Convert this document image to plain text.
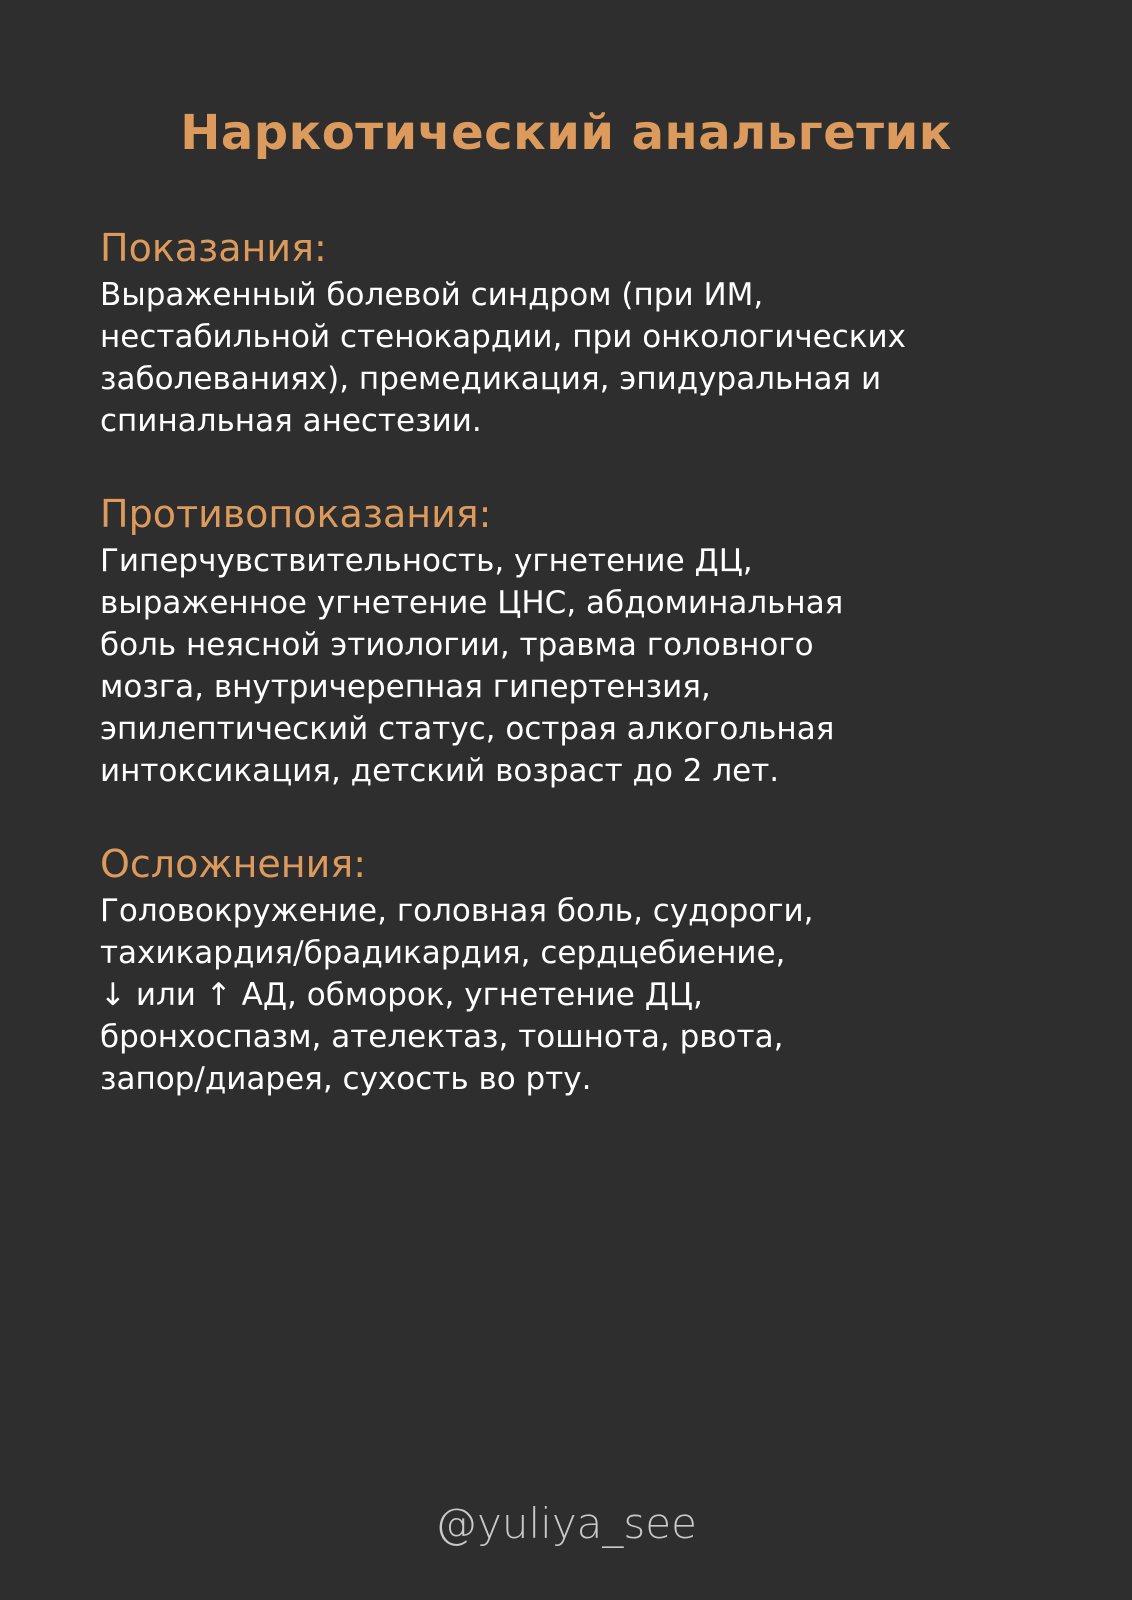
Наркотический анальгетик
Показания:

Выраженный болевой синдром (при ИМ,
нестабильной стенокардии, при онкологических
заболеваниях), премедикация, эпидуральная и
спинальная анестезии.

Противопоказания:

Гиперчувствительность, угнетение ДЦ,
выраженное угнетение ЦНС, абдоминальная
боль неясной этиологии, травма головного
мозга, внутричерепная гипертензия,
эпилептический статус, острая алкогольная
интоксикация, детский возраст до 2 лет.

Осложнения:

Головокружение, головная боль, судороги,
тахикардия/брадикардия, сердцебиение,
↓ или ↑ АД, обморок, угнетение ДЦ,
бронхоспазм, ателектаз, тошнота, рвота,
запор/диарея, сухость во рту.

@yuliya_see
